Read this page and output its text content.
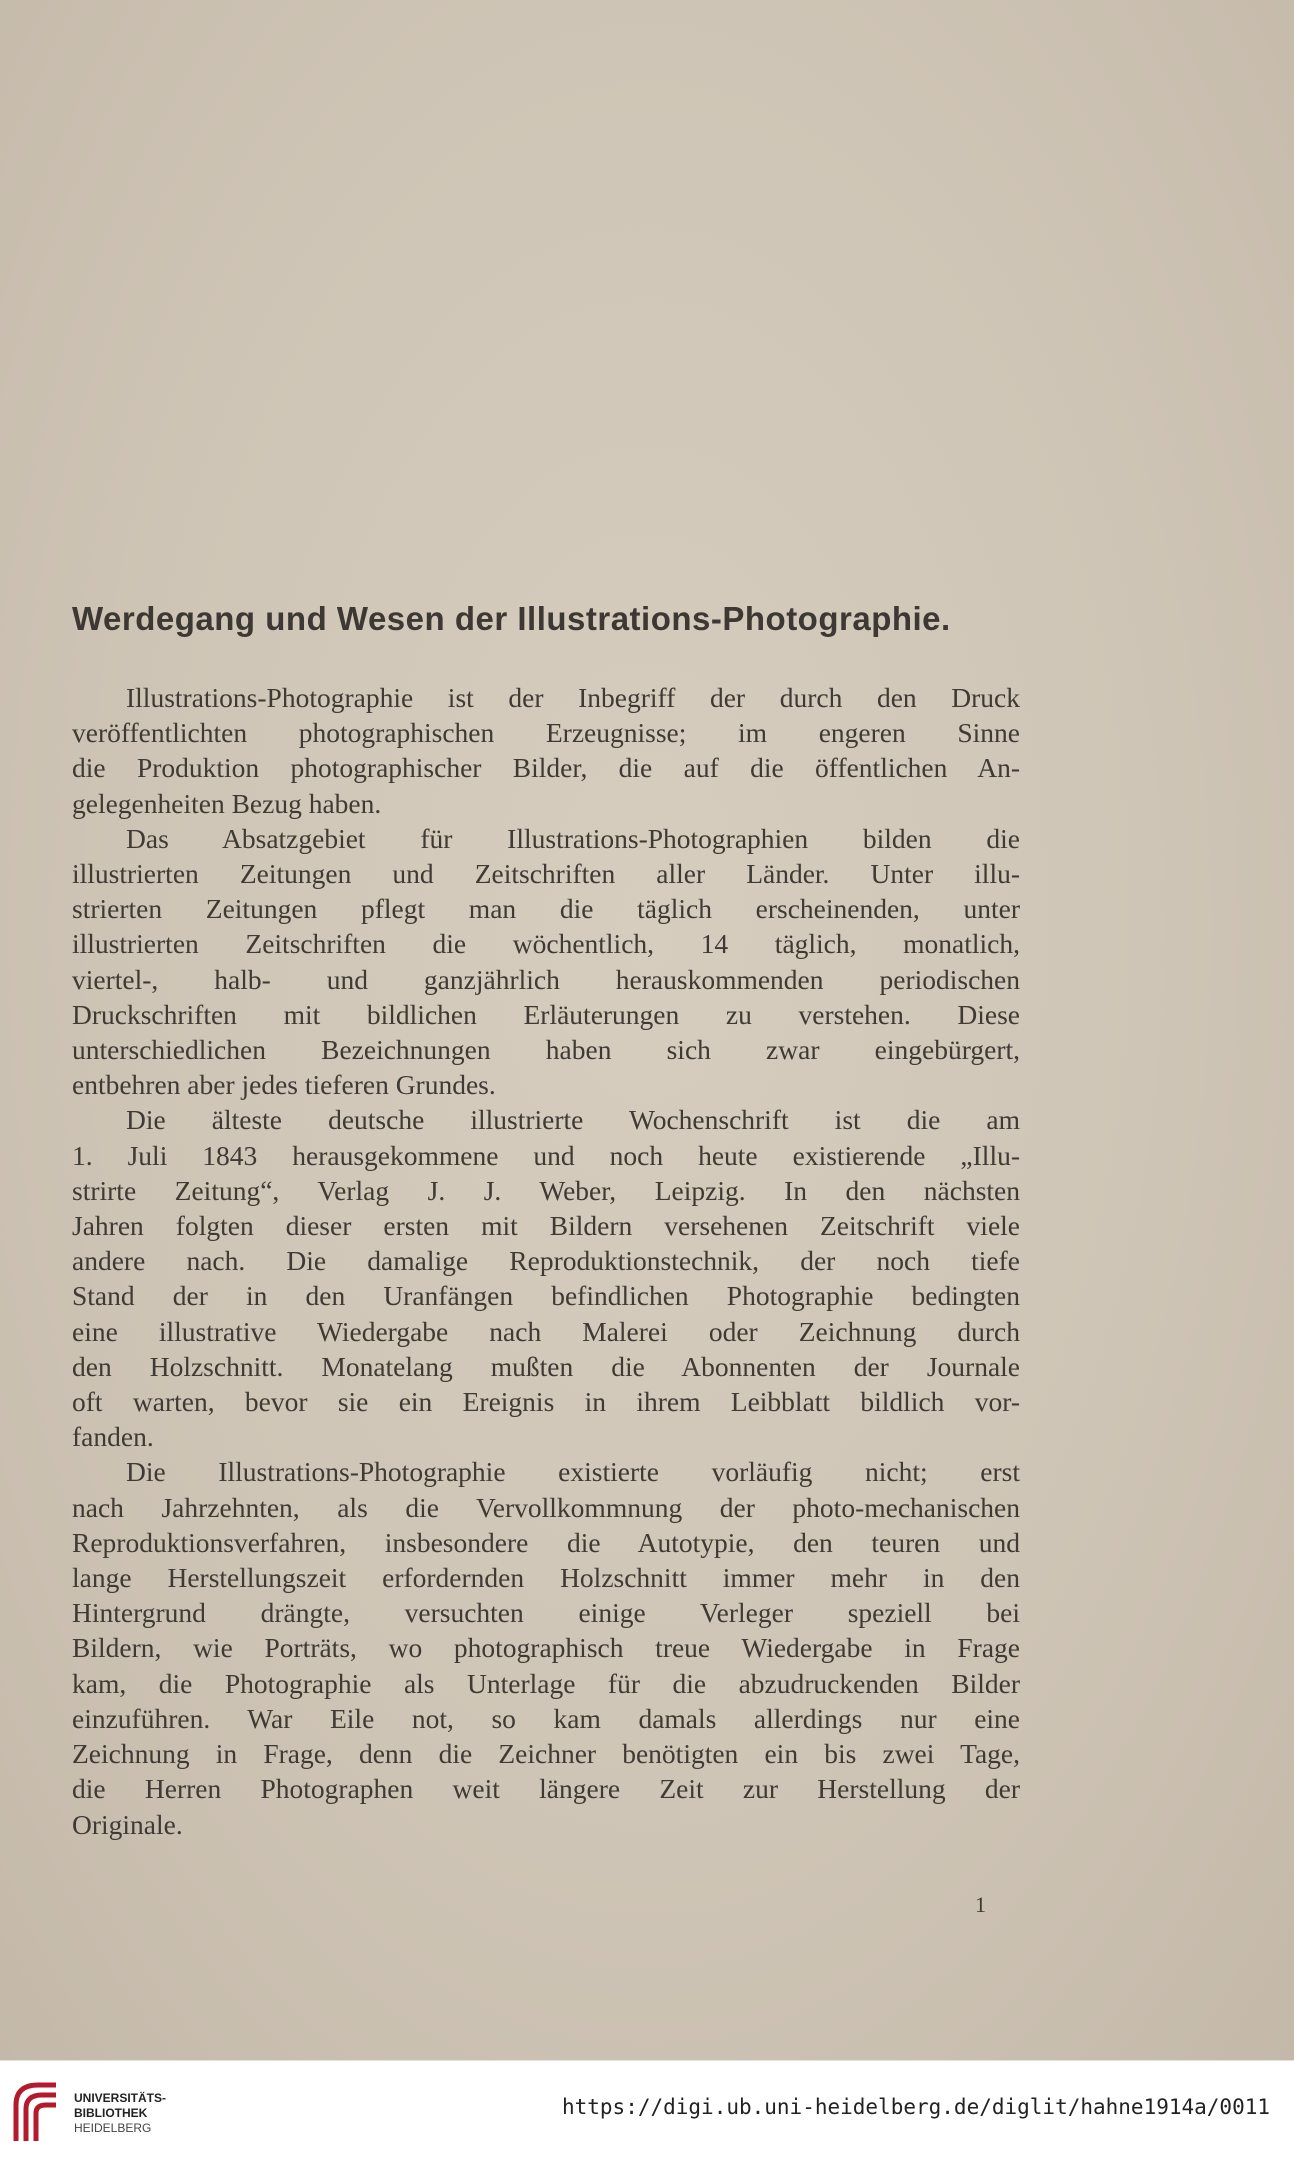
Werdegang und Wesen der Illustrations-Photographie.
Illustrations-Photographie ist der Inbegriff der durch den Druck
veröffentlichten photographischen Erzeugnisse; im engeren Sinne
die Produktion photographischer Bilder, die auf die öffentlichen An-
gelegenheiten Bezug haben.
Das Absatzgebiet für Illustrations-Photographien bilden die
illustrierten Zeitungen und Zeitschriften aller Länder. Unter illu-
strierten Zeitungen pflegt man die täglich erscheinenden, unter
illustrierten Zeitschriften die wöchentlich, 14 täglich, monatlich,
viertel-, halb- und ganzjährlich herauskommenden periodischen
Druckschriften mit bildlichen Erläuterungen zu verstehen. Diese
unterschiedlichen Bezeichnungen haben sich zwar eingebürgert,
entbehren aber jedes tieferen Grundes.
Die älteste deutsche illustrierte Wochenschrift ist die am
1. Juli 1843 herausgekommene und noch heute existierende „Illu-
strirte Zeitung“, Verlag J. J. Weber, Leipzig. In den nächsten
Jahren folgten dieser ersten mit Bildern versehenen Zeitschrift viele
andere nach. Die damalige Reproduktionstechnik, der noch tiefe
Stand der in den Uranfängen befindlichen Photographie bedingten
eine illustrative Wiedergabe nach Malerei oder Zeichnung durch
den Holzschnitt. Monatelang mußten die Abonnenten der Journale
oft warten, bevor sie ein Ereignis in ihrem Leibblatt bildlich vor-
fanden.
Die Illustrations-Photographie existierte vorläufig nicht; erst
nach Jahrzehnten, als die Vervollkommnung der photo-mechanischen
Reproduktionsverfahren, insbesondere die Autotypie, den teuren und
lange Herstellungszeit erfordernden Holzschnitt immer mehr in den
Hintergrund drängte, versuchten einige Verleger speziell bei
Bildern, wie Porträts, wo photographisch treue Wiedergabe in Frage
kam, die Photographie als Unterlage für die abzudruckenden Bilder
einzuführen. War Eile not, so kam damals allerdings nur eine
Zeichnung in Frage, denn die Zeichner benötigten ein bis zwei Tage,
die Herren Photographen weit längere Zeit zur Herstellung der
Originale.
1
UNIVERSITÄTS-
BIBLIOTHEK
HEIDELBERG
https://digi.ub.uni-heidelberg.de/diglit/hahne1914a/0011
